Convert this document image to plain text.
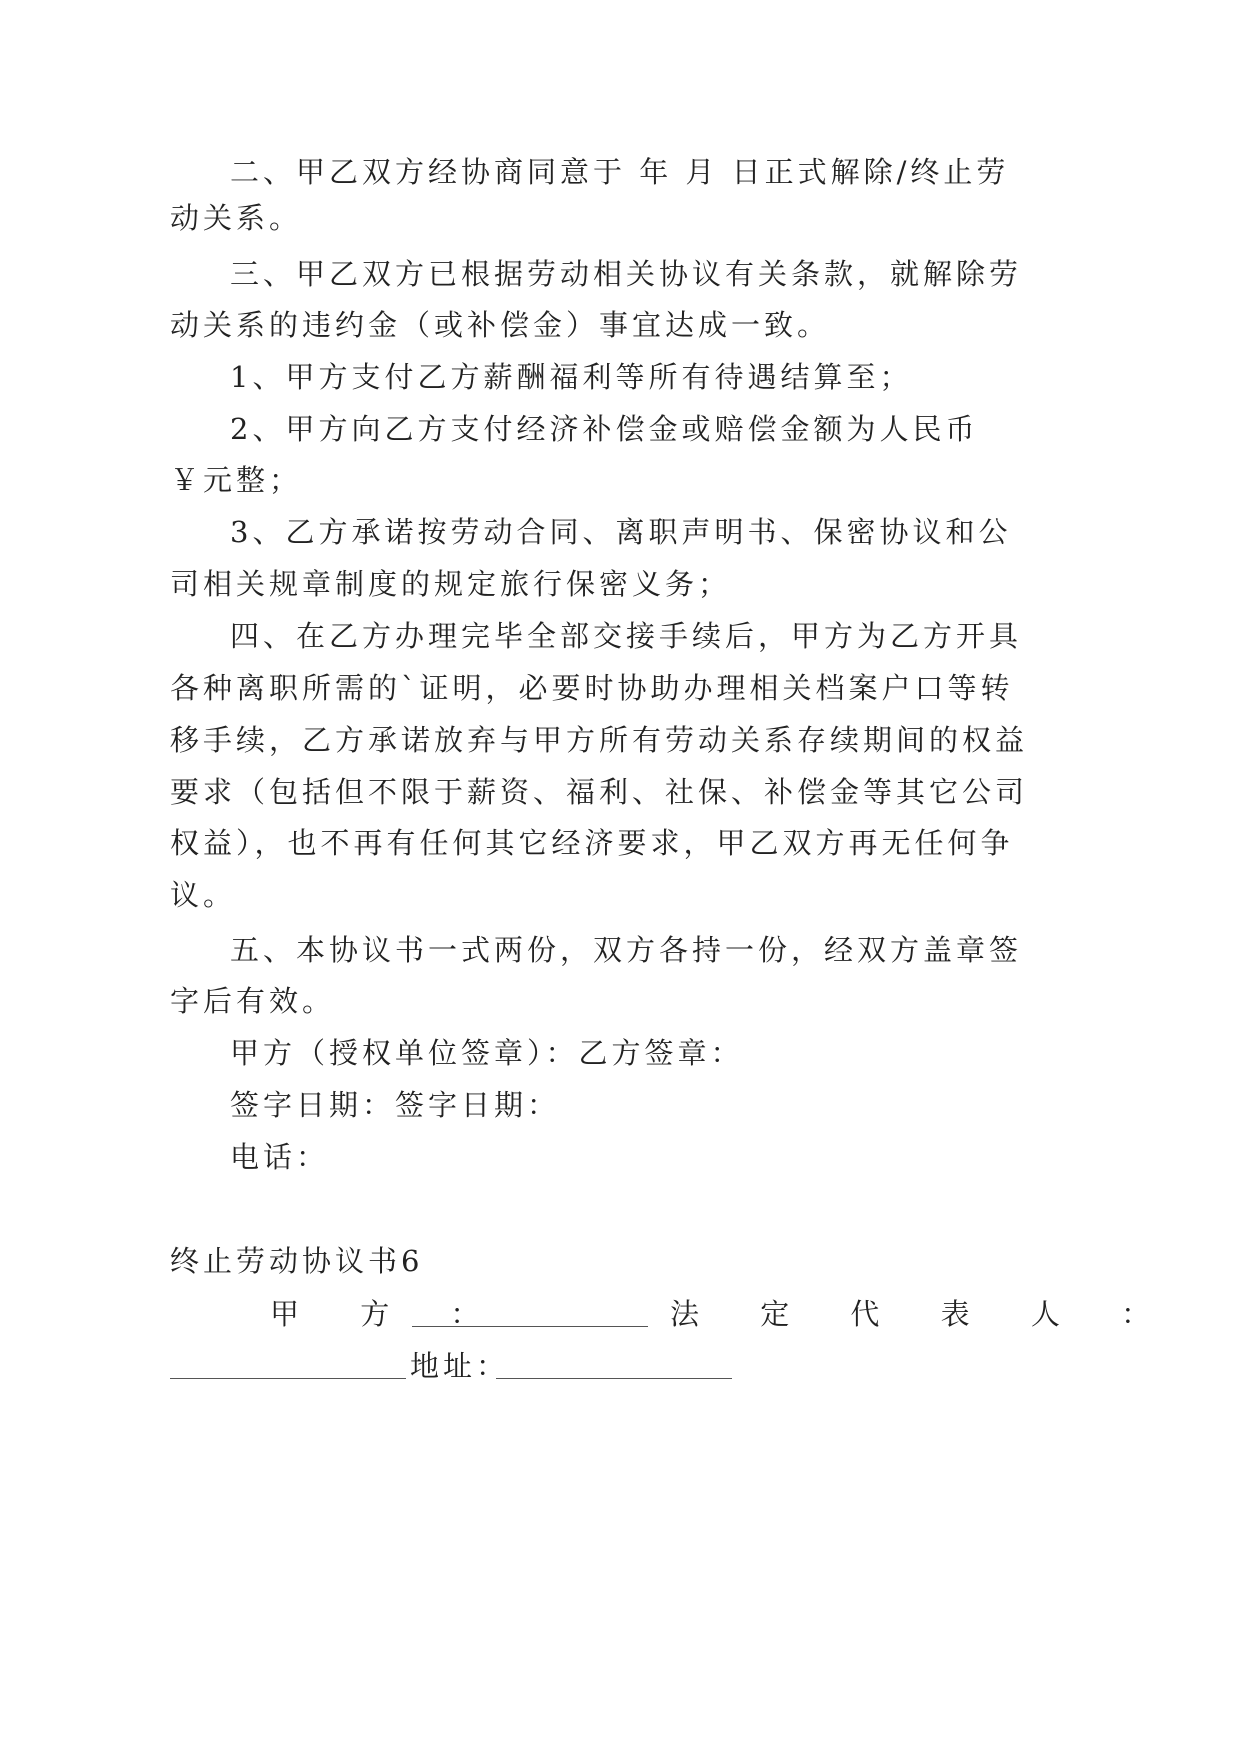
二、甲乙双方经协商同意于 年 月 日正式解除/终止劳
动关系。
三、甲乙双方已根据劳动相关协议有关条款，就解除劳
动关系的违约金（或补偿金）事宜达成一致。
1、甲方支付乙方薪酬福利等所有待遇结算至；
2、甲方向乙方支付经济补偿金或赔偿金额为人民币
￥元整；
3、乙方承诺按劳动合同、离职声明书、保密协议和公
司相关规章制度的规定旅行保密义务；
四、在乙方办理完毕全部交接手续后，甲方为乙方开具
各种离职所需的`证明，必要时协助办理相关档案户口等转
移手续，乙方承诺放弃与甲方所有劳动关系存续期间的权益
要求（包括但不限于薪资、福利、社保、补偿金等其它公司
权益），也不再有任何其它经济要求，甲乙双方再无任何争
议。
五、本协议书一式两份，双方各持一份，经双方盖章签
字后有效。
甲方（授权单位签章）：乙方签章：
签字日期：签字日期：
电话：
终止劳动协议书6
甲 方 ：	法 定 代 表 人 ：
地址：
